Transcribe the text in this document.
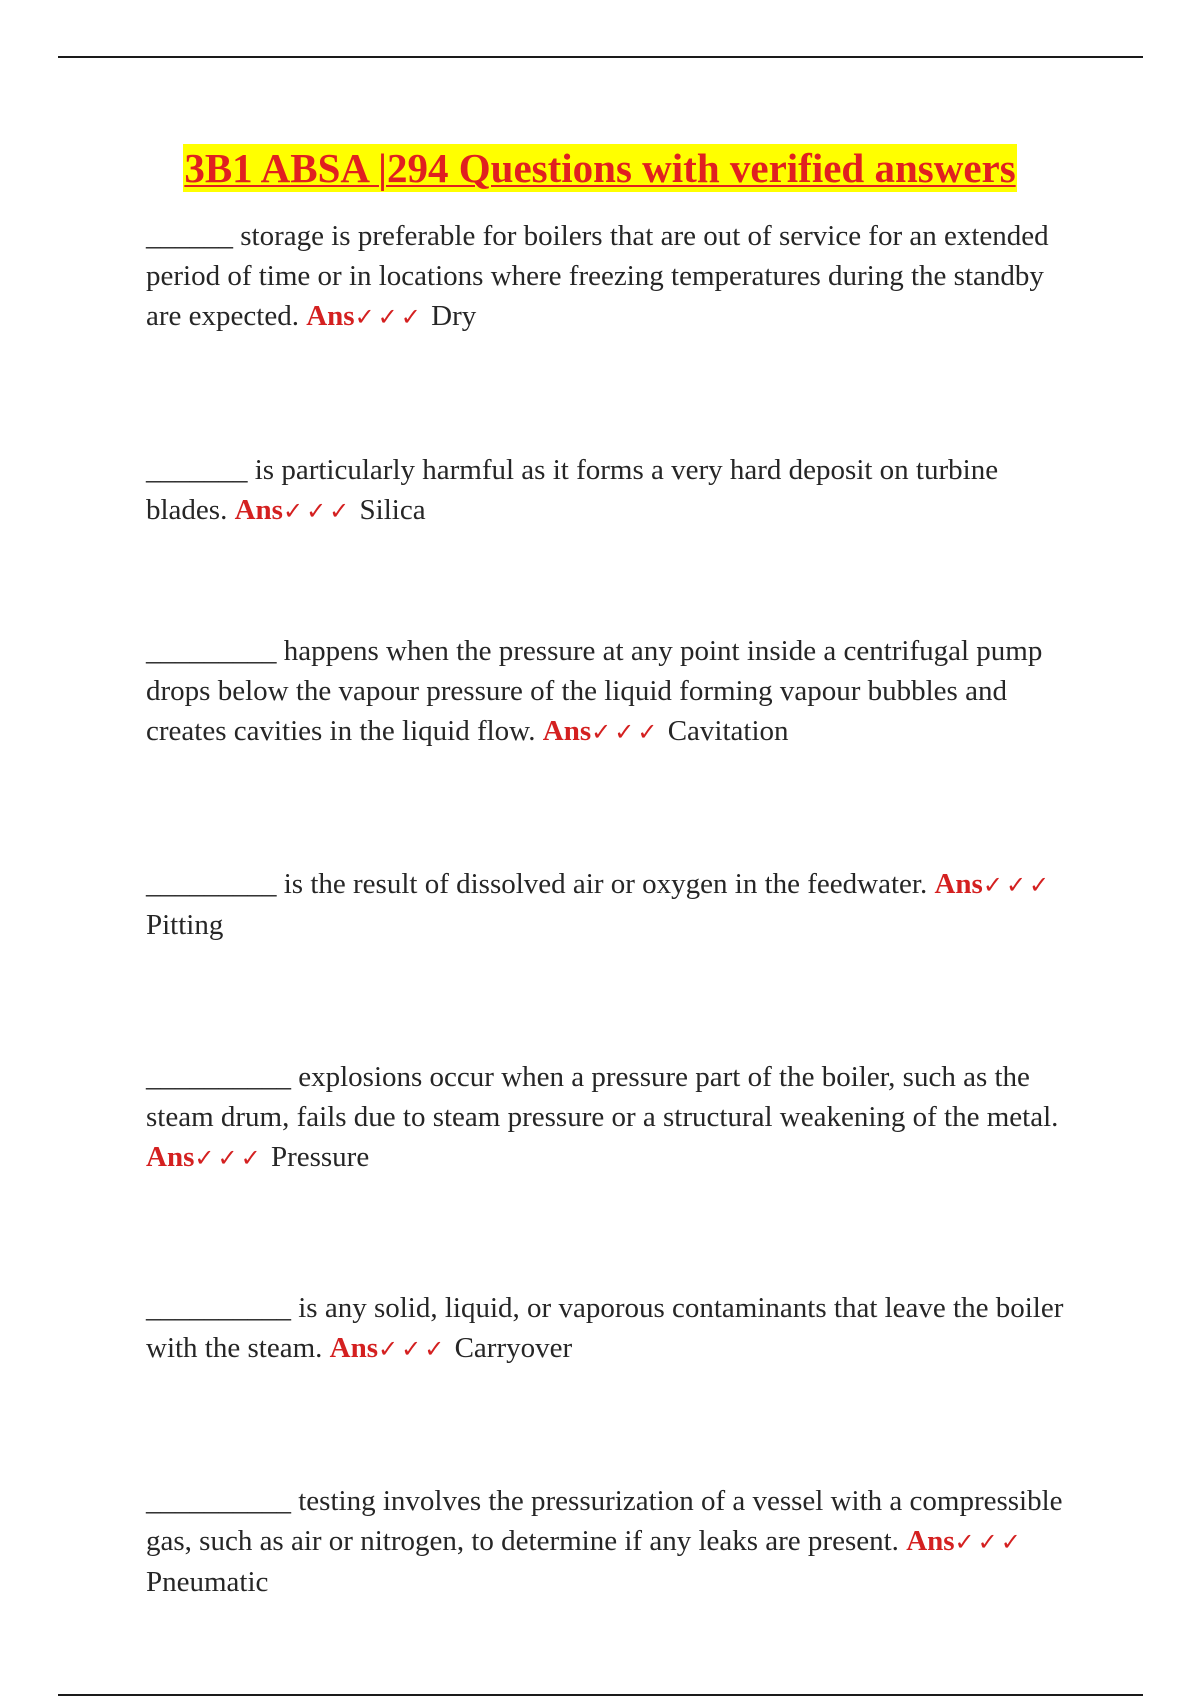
3B1 ABSA |294 Questions with verified answers

______ storage is preferable for boilers that are out of service for an extended period of time or in locations where freezing temperatures during the standby are expected. Ans✓✓✓ Dry

_______ is particularly harmful as it forms a very hard deposit on turbine blades. Ans✓✓✓ Silica

_________ happens when the pressure at any point inside a centrifugal pump drops below the vapour pressure of the liquid forming vapour bubbles and creates cavities in the liquid flow. Ans✓✓✓ Cavitation

_________ is the result of dissolved air or oxygen in the feedwater. Ans✓✓✓ Pitting

__________ explosions occur when a pressure part of the boiler, such as the steam drum, fails due to steam pressure or a structural weakening of the metal. Ans✓✓✓ Pressure

__________ is any solid, liquid, or vaporous contaminants that leave the boiler with the steam. Ans✓✓✓ Carryover

__________ testing involves the pressurization of a vessel with a compressible gas, such as air or nitrogen, to determine if any leaks are present. Ans✓✓✓ Pneumatic
